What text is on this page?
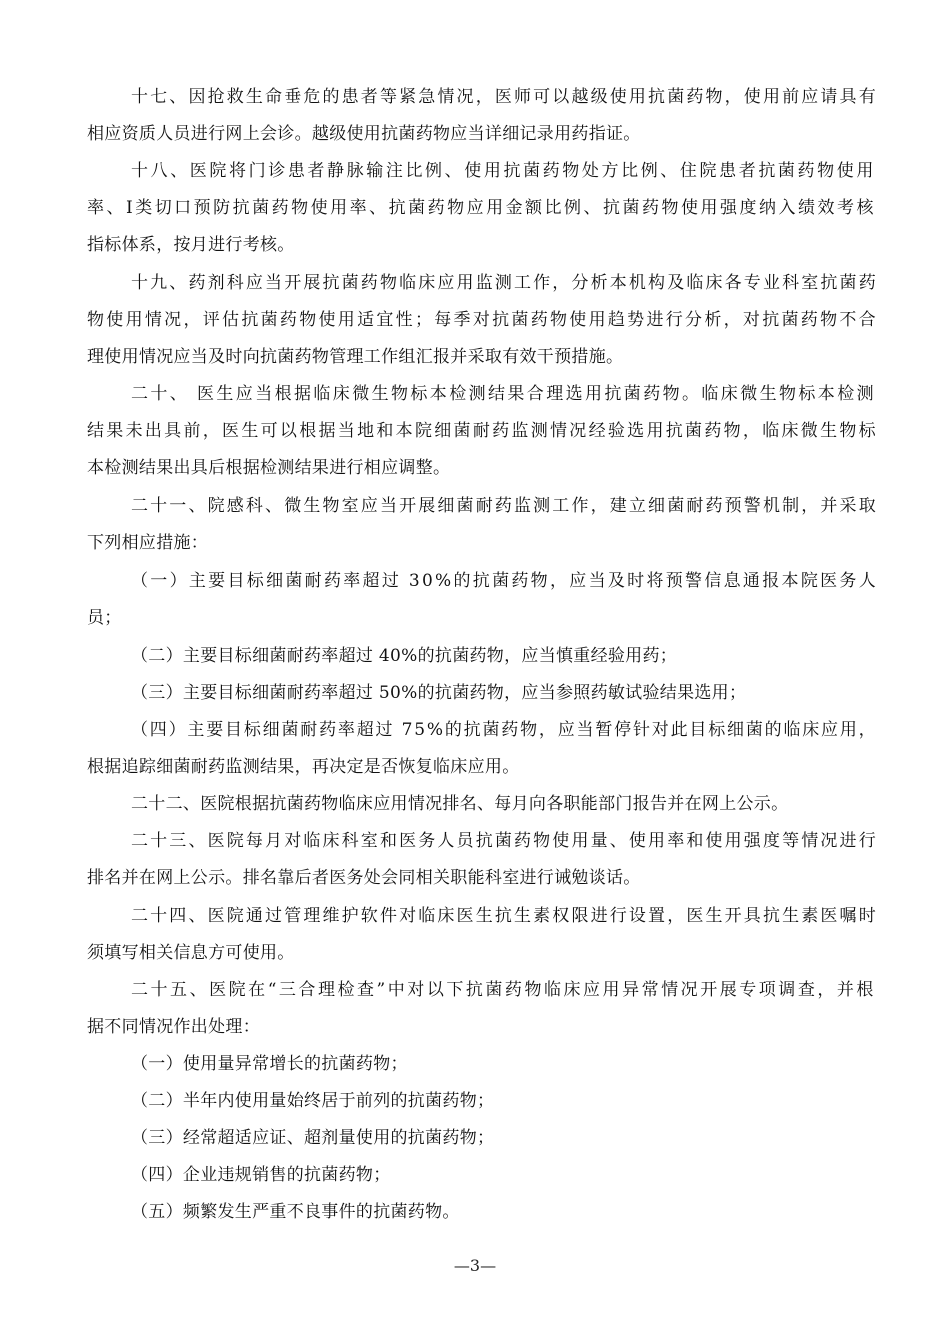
十七、因抢救生命垂危的患者等紧急情况，医师可以越级使用抗菌药物，使用前应请具有
相应资质人员进行网上会诊。越级使用抗菌药物应当详细记录用药指证。
十八、医院将门诊患者静脉输注比例、使用抗菌药物处方比例、住院患者抗菌药物使用
率、I类切口预防抗菌药物使用率、抗菌药物应用金额比例、抗菌药物使用强度纳入绩效考核
指标体系，按月进行考核。
十九、药剂科应当开展抗菌药物临床应用监测工作，分析本机构及临床各专业科室抗菌药
物使用情况，评估抗菌药物使用适宜性；每季对抗菌药物使用趋势进行分析，对抗菌药物不合
理使用情况应当及时向抗菌药物管理工作组汇报并采取有效干预措施。
二十、 医生应当根据临床微生物标本检测结果合理选用抗菌药物。临床微生物标本检测
结果未出具前，医生可以根据当地和本院细菌耐药监测情况经验选用抗菌药物，临床微生物标
本检测结果出具后根据检测结果进行相应调整。
二十一、院感科、微生物室应当开展细菌耐药监测工作，建立细菌耐药预警机制，并采取
下列相应措施：
（一）主要目标细菌耐药率超过 30%的抗菌药物，应当及时将预警信息通报本院医务人
员；
（二）主要目标细菌耐药率超过 40%的抗菌药物，应当慎重经验用药；
（三）主要目标细菌耐药率超过 50%的抗菌药物，应当参照药敏试验结果选用；
（四）主要目标细菌耐药率超过 75%的抗菌药物，应当暂停针对此目标细菌的临床应用，
根据追踪细菌耐药监测结果，再决定是否恢复临床应用。
二十二、医院根据抗菌药物临床应用情况排名、每月向各职能部门报告并在网上公示。
二十三、医院每月对临床科室和医务人员抗菌药物使用量、使用率和使用强度等情况进行
排名并在网上公示。排名靠后者医务处会同相关职能科室进行诫勉谈话。
二十四、医院通过管理维护软件对临床医生抗生素权限进行设置，医生开具抗生素医嘱时
须填写相关信息方可使用。
二十五、医院在“三合理检查”中对以下抗菌药物临床应用异常情况开展专项调查，并根
据不同情况作出处理：
（一）使用量异常增长的抗菌药物；
（二）半年内使用量始终居于前列的抗菌药物；
（三）经常超适应证、超剂量使用的抗菌药物；
（四）企业违规销售的抗菌药物；
（五）频繁发生严重不良事件的抗菌药物。
—3—
